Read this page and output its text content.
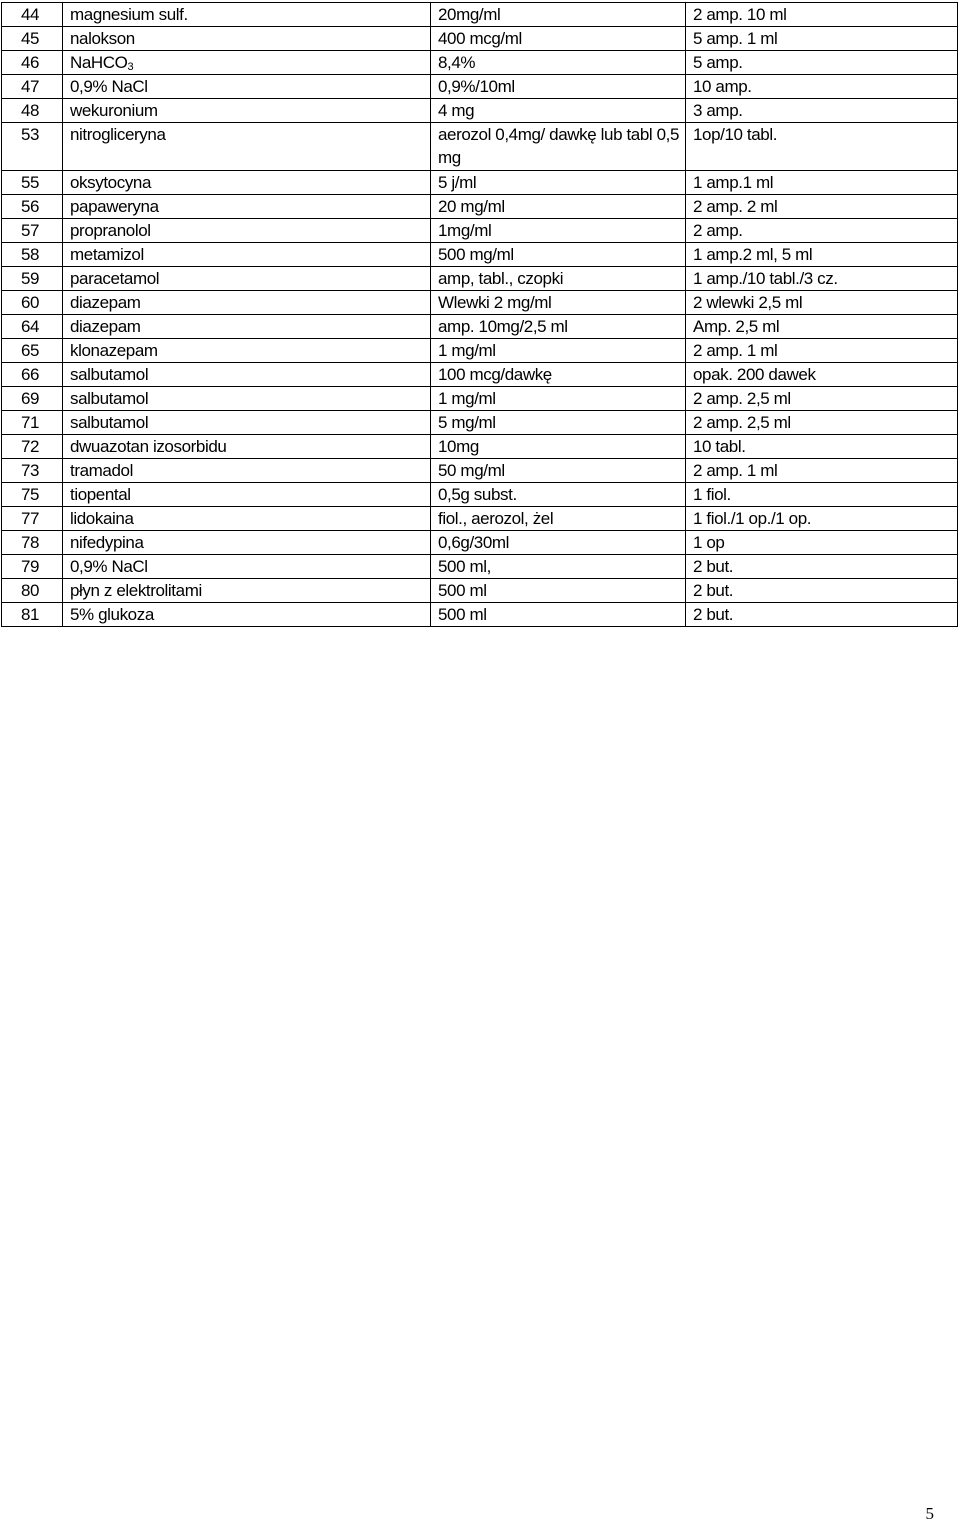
44	magnesium sulf.	20mg/ml	2 amp. 10 ml
45	nalokson	400 mcg/ml	5 amp. 1 ml
46	NaHCO$_3$	8,4%	5 amp.
47	0,9% NaCl	0,9%/10ml	10 amp.
48	wekuronium	4 mg	3 amp.
53	nitrogliceryna	aerozol 0,4mg/ dawkę lub tabl 0,5 mg	1op/10 tabl.
55	oksytocyna	5 j/ml	1 amp.1 ml
56	papaweryna	20 mg/ml	2 amp. 2 ml
57	propranolol	1mg/ml	2 amp.
58	metamizol	500 mg/ml	1 amp.2 ml, 5 ml
59	paracetamol	amp, tabl., czopki	1 amp./10 tabl./3 cz.
60	diazepam	Wlewki 2 mg/ml	2 wlewki 2,5 ml
64	diazepam	amp. 10mg/2,5 ml	Amp. 2,5 ml
65	klonazepam	1 mg/ml	2 amp. 1 ml
66	salbutamol	100 mcg/dawkę	opak. 200 dawek
69	salbutamol	1 mg/ml	2 amp. 2,5 ml
71	salbutamol	5 mg/ml	2 amp. 2,5 ml
72	dwuazotan izosorbidu	10mg	10 tabl.
73	tramadol	50 mg/ml	2 amp. 1 ml
75	tiopental	0,5g subst.	1 fiol.
77	lidokaina	fiol., aerozol, żel	1 fiol./1 op./1 op.
78	nifedypina	0,6g/30ml	1 op
79	0,9% NaCl	500 ml,	2 but.
80	płyn z elektrolitami	500 ml	2 but.
81	5% glukoza	500 ml	2 but.
5
